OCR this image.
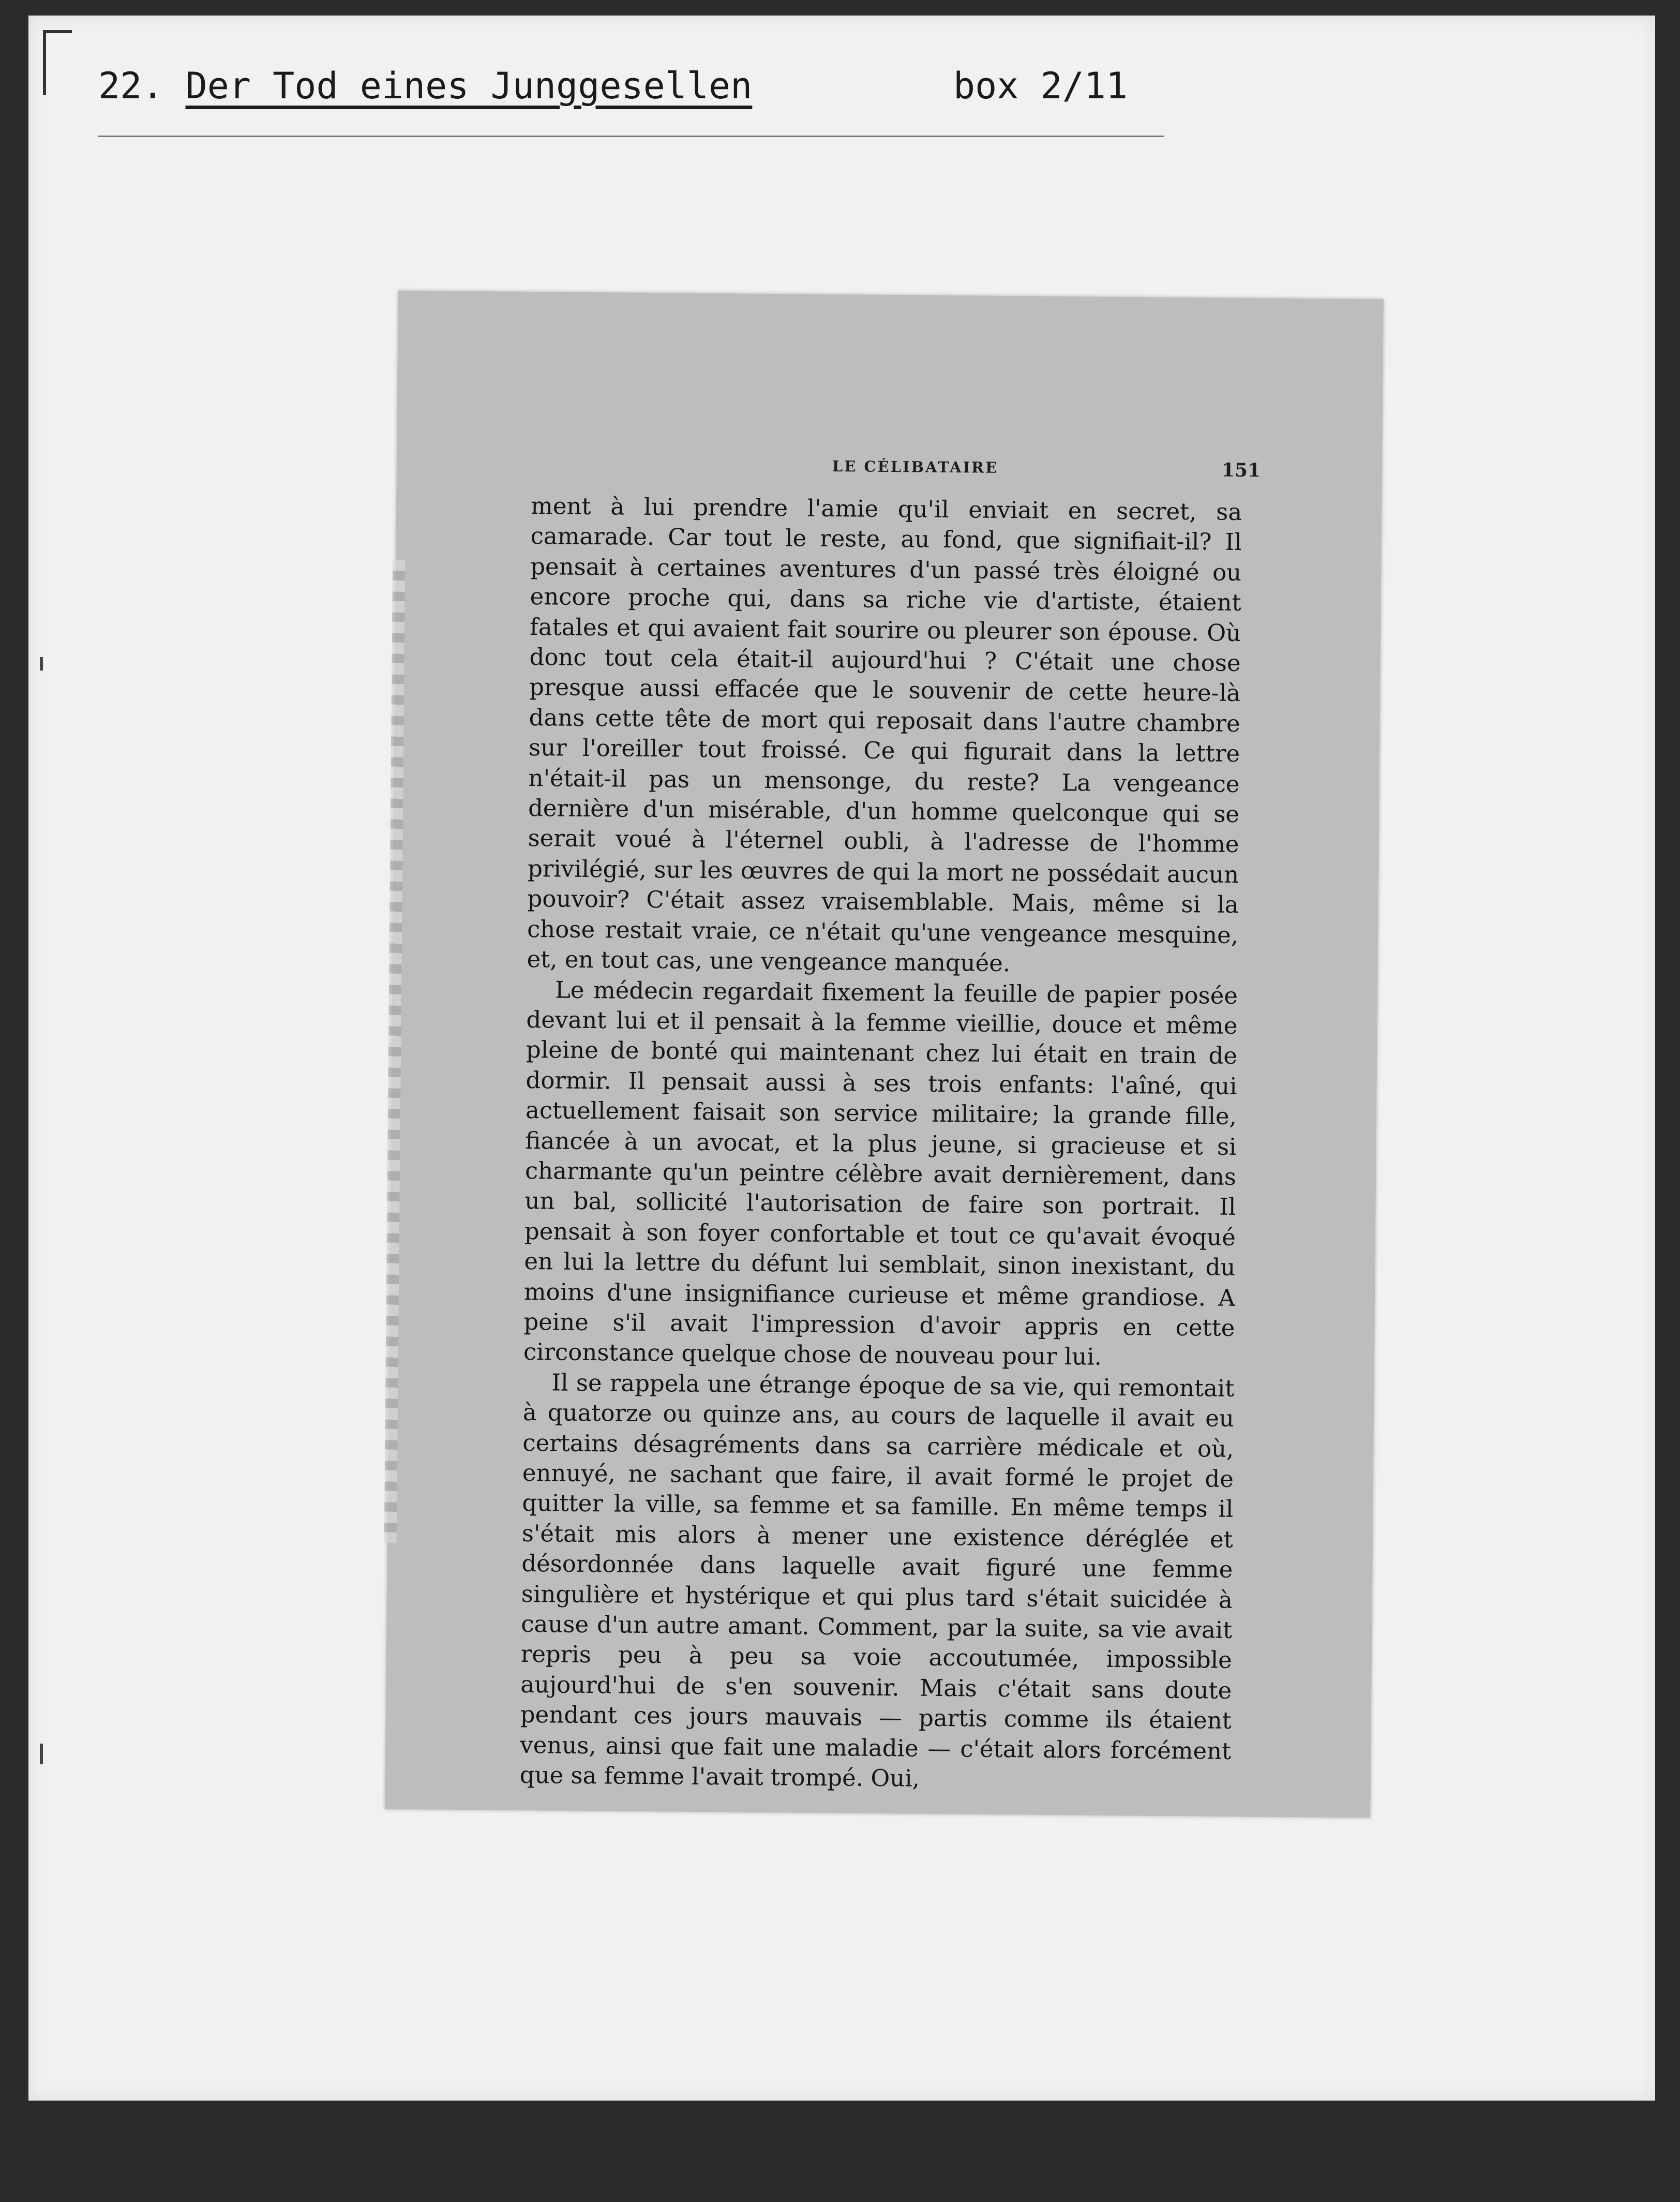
22. Der Tod eines Junggesellen	box 2/11
LE CÉLIBATAIRE	151

ment à lui prendre l'amie qu'il enviait en secret, sa camarade. Car tout le reste, au fond, que signifiait-il? Il pensait à certaines aventures d'un passé très éloigné ou encore proche qui, dans sa riche vie d'artiste, étaient fatales et qui avaient fait sourire ou pleurer son épouse. Où donc tout cela était-il aujourd'hui ? C'était une chose presque aussi effacée que le souvenir de cette heure-là dans cette tête de mort qui reposait dans l'autre chambre sur l'oreiller tout froissé. Ce qui figurait dans la lettre n'était-il pas un mensonge, du reste? La vengeance dernière d'un misérable, d'un homme quelconque qui se serait voué à l'éternel oubli, à l'adresse de l'homme privilégié, sur les œuvres de qui la mort ne possédait aucun pouvoir? C'était assez vraisemblable. Mais, même si la chose restait vraie, ce n'était qu'une vengeance mesquine, et, en tout cas, une vengeance manquée.

Le médecin regardait fixement la feuille de papier posée devant lui et il pensait à la femme vieillie, douce et même pleine de bonté qui maintenant chez lui était en train de dormir. Il pensait aussi à ses trois enfants: l'aîné, qui actuellement faisait son service militaire; la grande fille, fiancée à un avocat, et la plus jeune, si gracieuse et si charmante qu'un peintre célèbre avait dernièrement, dans un bal, sollicité l'autorisation de faire son portrait. Il pensait à son foyer confortable et tout ce qu'avait évoqué en lui la lettre du défunt lui semblait, sinon inexistant, du moins d'une insignifiance curieuse et même grandiose. A peine s'il avait l'impression d'avoir appris en cette circonstance quelque chose de nouveau pour lui.

Il se rappela une étrange époque de sa vie, qui remontait à quatorze ou quinze ans, au cours de laquelle il avait eu certains désagréments dans sa carrière médicale et où, ennuyé, ne sachant que faire, il avait formé le projet de quitter la ville, sa femme et sa famille. En même temps il s'était mis alors à mener une existence déréglée et désordonnée dans laquelle avait figuré une femme singulière et hystérique et qui plus tard s'était suicidée à cause d'un autre amant. Comment, par la suite, sa vie avait repris peu à peu sa voie accoutumée, impossible aujourd'hui de s'en souvenir. Mais c'était sans doute pendant ces jours mauvais — partis comme ils étaient venus, ainsi que fait une maladie — c'était alors forcément que sa femme l'avait trompé. Oui,
